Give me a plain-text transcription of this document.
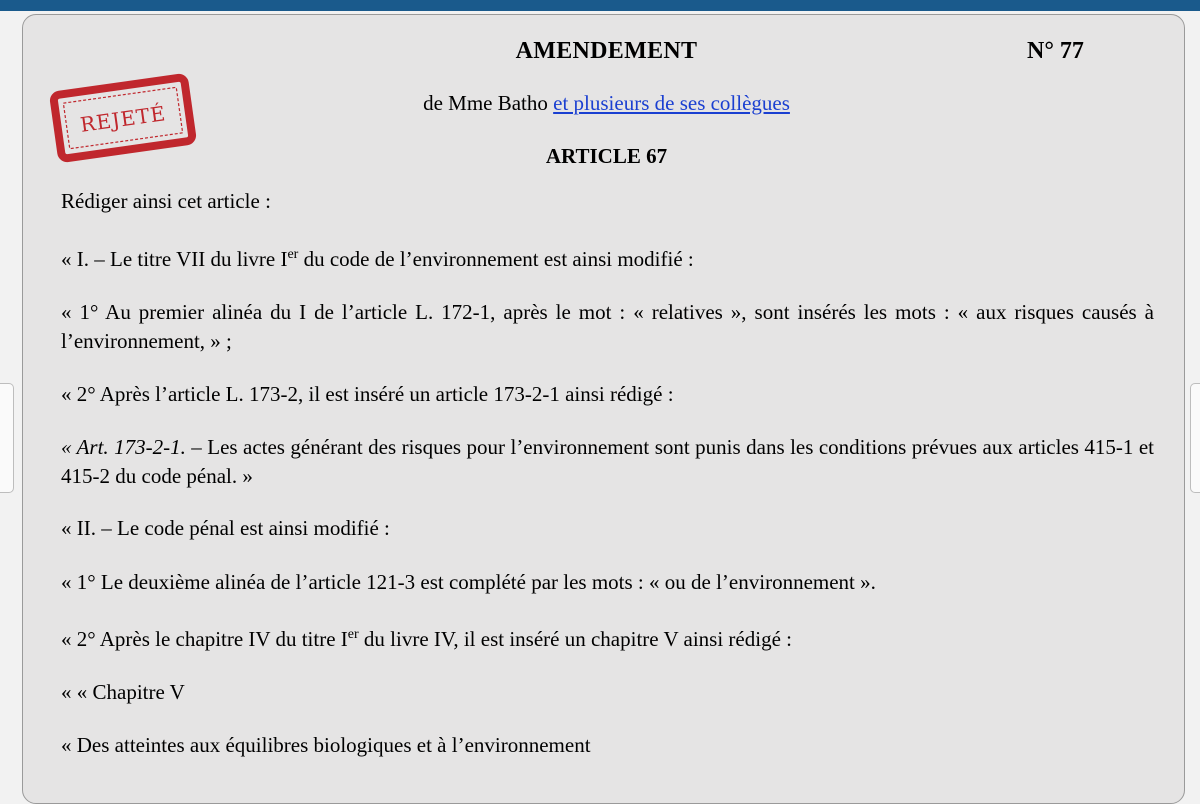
AMENDEMENT	N° 77
REJETÉ	de Mme Batho et plusieurs de ses collègues
ARTICLE 67

Rédiger ainsi cet article :

« I. – Le titre VII du livre Ier du code de l’environnement est ainsi modifié :

« 1° Au premier alinéa du I de l’article L. 172‑1, après le mot : « relatives », sont insérés les mots : « aux risques causés à l’environnement, » ;

« 2° Après l’article L. 173‑2, il est inséré un article 173‑2‑1 ainsi rédigé :

« Art. 173‑2‑1. – Les actes générant des risques pour l’environnement sont punis dans les conditions prévues aux articles 415‑1 et 415‑2 du code pénal. »

« II. – Le code pénal est ainsi modifié :

« 1° Le deuxième alinéa de l’article 121‑3 est complété par les mots : « ou de l’environnement ».

« 2° Après le chapitre IV du titre Ier du livre IV, il est inséré un chapitre V ainsi rédigé :

« « Chapitre V

« Des atteintes aux équilibres biologiques et à l’environnement
